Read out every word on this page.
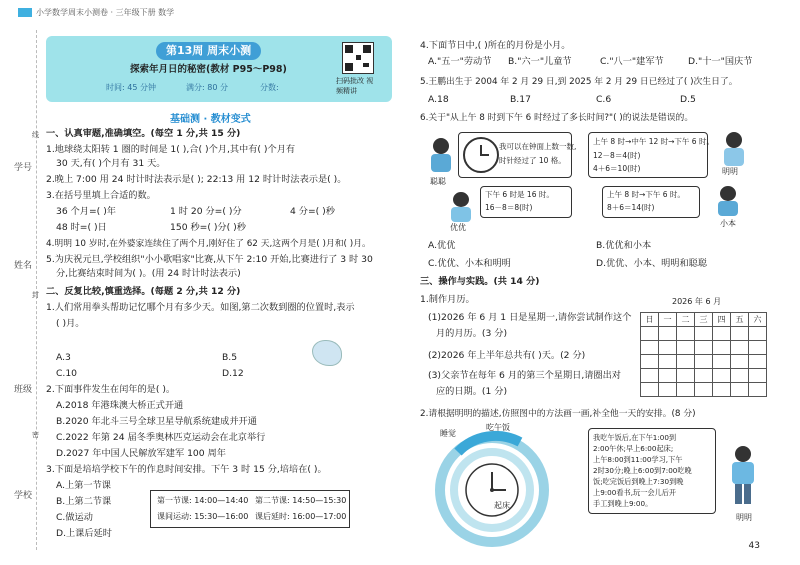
小学数学周末小测卷 · 三年级下册 数学
学号
姓名
班级
学校
线
封
密
第13周 周末小测
探索年月日的秘密(教材 P95～P98)
时间: 45 分钟	满分: 80 分	分数:
扫码批改 视频精讲
基础测 · 教材变式
一、认真审题,准确填空。(每空 1 分,共 15 分)
1.地球绕太阳转 1 圈的时间是 1( ),合( )个月,其中有( )个月有
30 天,有( )个月有 31 天。
2.晚上 7:00 用 24 时计时法表示是( ); 22:13 用 12 时计时法表示是( )。
3.在括号里填上合适的数。
36 个月=( )年	1 时 20 分=( )分	4 分=( )秒
48 时=( )日	150 秒=( )分( )秒
4.明明 10 岁时,在外婆家连续住了两个月,刚好住了 62 天,这两个月是( )月和( )月。
5.为庆祝元旦,学校组织"小小歌唱家"比赛,从下午 2:10 开始,比赛进行了 3 时 30
分,比赛结束时间为( )。(用 24 时计时法表示)
二、反复比较,慎重选择。(每题 2 分,共 12 分)
1.人们常用拳头帮助记忆哪个月有多少天。如图,第二次数到圈的位置时,表示
( )月。
A.3	B.5
C.10	D.12
2.下面事件发生在闰年的是( )。
A.2018 年港珠澳大桥正式开通
B.2020 年北斗三号全球卫星导航系统建成并开通
C.2022 年第 24 届冬季奥林匹克运动会在北京举行
D.2027 年中国人民解放军建军 100 周年
3.下面是培培学校下午的作息时间安排。下午 3 时 15 分,培培在( )。
A.上第一节课
B.上第二节课
C.做运动
D.上课后延时
第一节课: 14:00—14:40 第二节课: 14:50—15:30
课间运动: 15:30—16:00 课后延时: 16:00—17:00
4.下面节日中,( )所在的月份是小月。
A."五一"劳动节 B."六一"儿童节	C."八一"建军节	D."十一"国庆节
5.王鹏出生于 2004 年 2 月 29 日,到 2025 年 2 月 29 日已经过了( )次生日了。
A.18	B.17	C.6	D.5
6.关于"从上午 8 时到下午 6 时经过了多长时间?"( )的说法是错误的。
聪聪
我可以在钟面上数一数,
时针经过了 10 格。
上午 8 时→中午 12 时→下午 6 时。
12－8＝4(时)
4＋6＝10(时)	明明
优优
下午 6 时是 16 时。
16－8＝8(时)
上午 8 时→下午 6 时。
8＋6＝14(时)
小本
A.优优	B.优优和小本
C.优优、小本和明明	D.优优、小本、明明和聪聪
三、操作与实践。(共 14 分)
1.制作月历。
(1)2026 年 6 月 1 日是星期一,请你尝试制作这个
月的月历。(3 分)
(2)2026 年上半年总共有( )天。(2 分)
(3)父亲节在每年 6 月的第三个星期日,请圈出对
应的日期。(1 分)
2026 年 6 月
日	一	二	三	四	五	六

2.请根据明明的描述,仿照图中的方法画一画,补全他一天的安排。(8 分)
睡觉
吃午饭
起床
我吃午饭后,在下午1:00到
2:00午休;早上6:00起床;
上午8:00到11:00学习,下午
2时30分;晚上6:00到7:00吃晚
饭;吃完饭后到晚上7:30到晚
上9:00看书,玩一会儿后开
手工到晚上9:00。
明明
43
